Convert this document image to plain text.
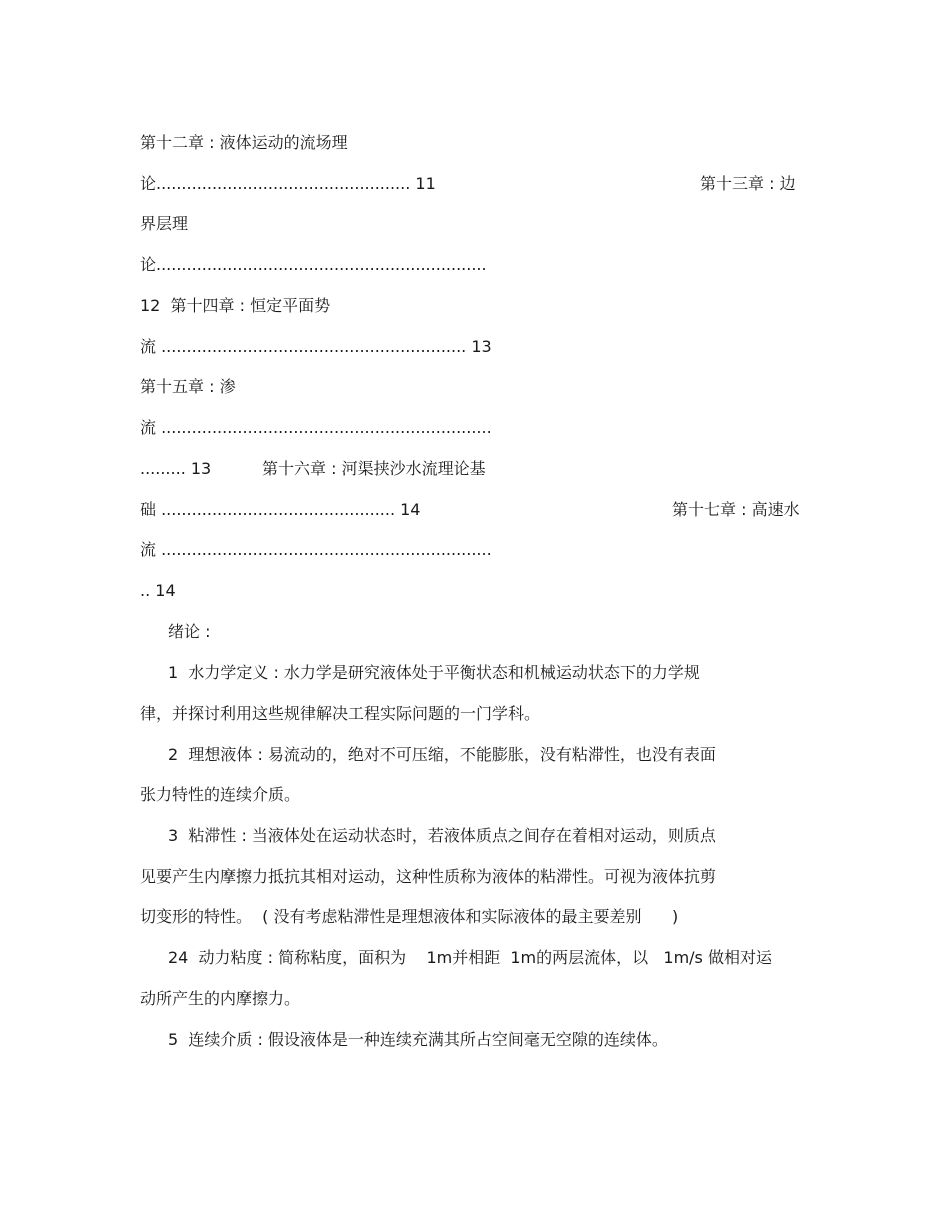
第十二章 : 液体运动的流场理
论.................................................. 11	第十三章 : 边
界层理
论.................................................................
12  第十四章 : 恒定平面势
流 ............................................................ 13
第十五章 : 渗
流 .................................................................
......... 13	第十六章 : 河渠挟沙水流理论基
础 .............................................. 14	第十七章 : 高速水
流 .................................................................
.. 14
绪论 :
1  水力学定义 : 水力学是研究液体处于平衡状态和机械运动状态下的力学规
律，并探讨利用这些规律解决工程实际问题的一门学科。
2  理想液体 : 易流动的，绝对不可压缩，不能膨胀，没有粘滞性，也没有表面
张力特性的连续介质。
3  粘滞性 : 当液体处在运动状态时，若液体质点之间存在着相对运动，则质点
见要产生内摩擦力抵抗其相对运动，这种性质称为液体的粘滞性。可视为液体抗剪
切变形的特性。  ( 没有考虑粘滞性是理想液体和实际液体的最主要差别      )
24  动力粘度 : 简称粘度，面积为    1m并相距  1m的两层流体，以   1m/s 做相对运
动所产生的内摩擦力。
5  连续介质 : 假设液体是一种连续充满其所占空间毫无空隙的连续体。
